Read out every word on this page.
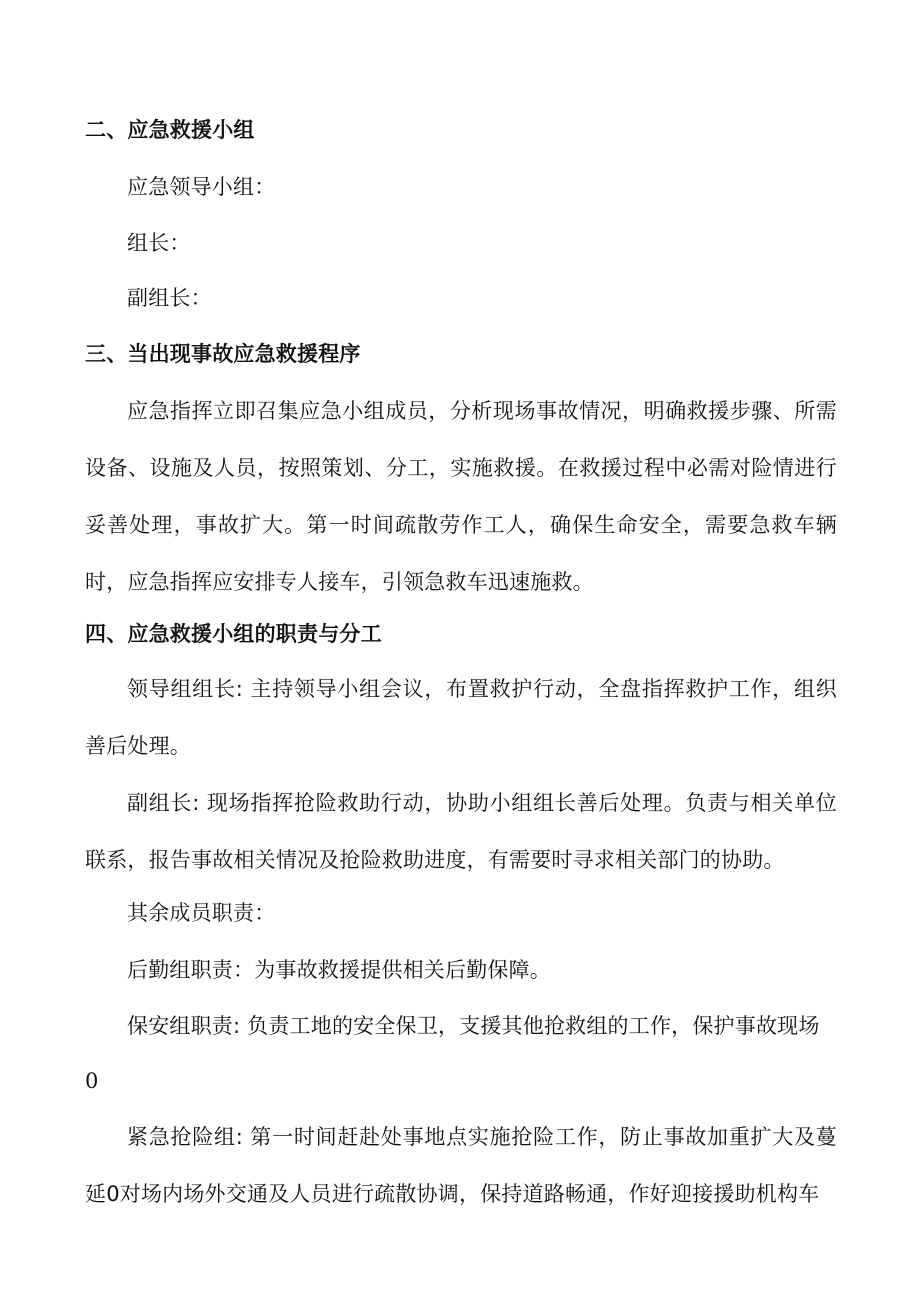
二、应急救援小组
应急领导小组：
组长：
副组长：
三、当出现事故应急救援程序
应急指挥立即召集应急小组成员，分析现场事故情况，明确救援步骤、所需设备、设施及人员，按照策划、分工，实施救援。在救援过程中必需对险情进行妥善处理，事故扩大。第一时间疏散劳作工人，确保生命安全，需要急救车辆时，应急指挥应安排专人接车，引领急救车迅速施救。
四、应急救援小组的职责与分工
领导组组长: 主持领导小组会议，布置救护行动，全盘指挥救护工作，组织善后处理。
副组长: 现场指挥抢险救助行动，协助小组组长善后处理。负责与相关单位联系，报告事故相关情况及抢险救助进度，有需要时寻求相关部门的协助。
其余成员职责：
后勤组职责：为事故救援提供相关后勤保障。
保安组职责: 负责工地的安全保卫，支援其他抢救组的工作，保护事故现场
0
紧急抢险组: 第一时间赶赴处事地点实施抢险工作，防止事故加重扩大及蔓延0对场内场外交通及人员进行疏散协调，保持道路畅通，作好迎接援助机构车
